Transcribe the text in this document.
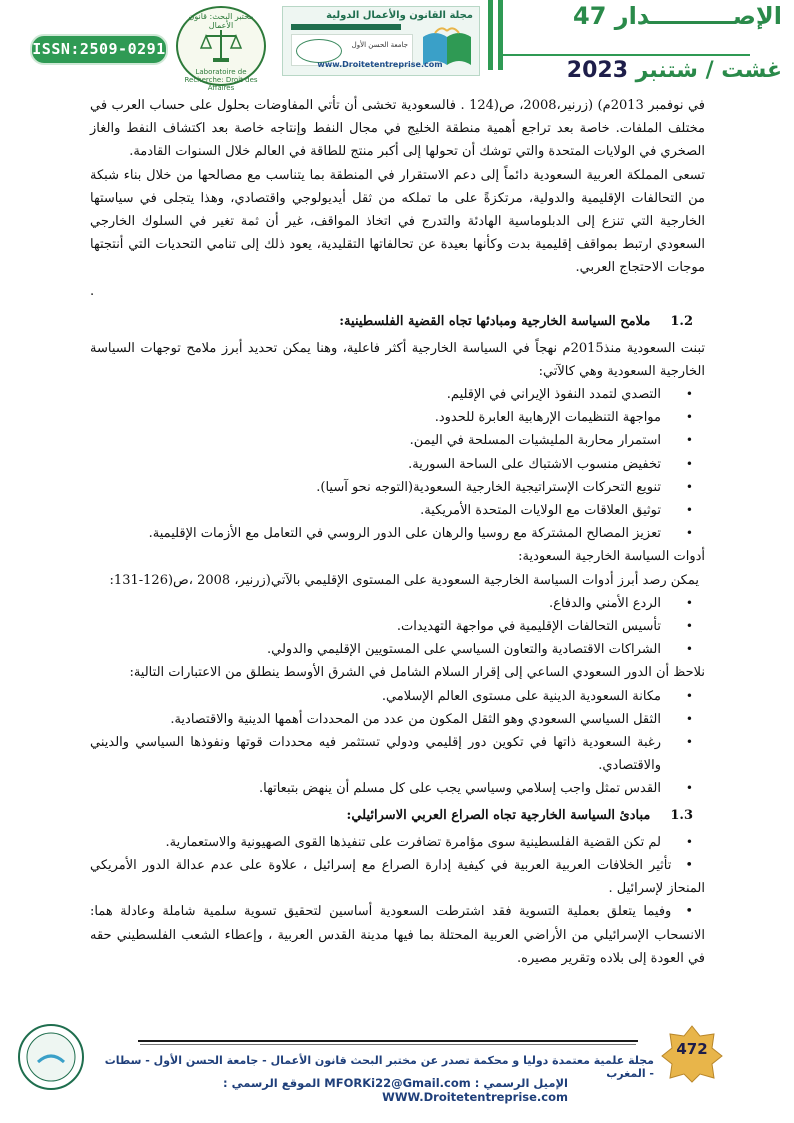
ISSN:2509-0291
مختبر البحث: قانون الأعمال
Laboratoire de Recherche: Droit des Affaires
مجلة القانون والأعمال الدولية
جامعة الحسن الأول
www.Droitetentreprise.com
الإصــــــــــدار 47
غشت / شتنبر 2023

في نوفمبر 2013م) (زرنير،2008، ص(124 . فالسعودية تخشى أن تأتي المفاوضات بحلول على حساب العرب في مختلف الملفات. خاصة بعد تراجع أهمية منطقة الخليج في مجال النفط وإنتاجه خاصة بعد اكتشاف النفط والغاز الصخري في الولايات المتحدة والتي توشك أن تحولها إلى أكبر منتج للطاقة في العالم خلال السنوات القادمة.

تسعى المملكة العربية السعودية دائماً إلى دعم الاستقرار في المنطقة بما يتناسب مع مصالحها من خلال بناء شبكة من التحالفات الإقليمية والدولية، مرتكزةً على ما تملكه من ثقل أيديولوجي واقتصادي، وهذا يتجلى في سياستها الخارجية التي تنزع إلى الدبلوماسية الهادئة والتدرج في اتخاذ المواقف، غير أن ثمة تغير في السلوك الخارجي السعودي ارتبط بمواقف إقليمية بدت وكأنها بعيدة عن تحالفاتها التقليدية، يعود ذلك إلى تنامي التحديات التي أنتجتها موجات الاحتجاج العربي.

.

1.2ملامح السياسة الخارجية ومبادئها تجاه القضية الفلسطينية:

تبنت السعودية منذ2015م نهجاً في السياسة الخارجية أكثر فاعلية، وهنا يمكن تحديد أبرز ملامح توجهات السياسة الخارجية السعودية وهي كالآتي:

•
التصدي لتمدد النفوذ الإيراني في الإقليم.
•
مواجهة التنظيمات الإرهابية العابرة للحدود.
•
استمرار محاربة المليشيات المسلحة في اليمن.
•
تخفيض منسوب الاشتباك على الساحة السورية.
•
تنويع التحركات الإستراتيجية الخارجية السعودية(التوجه نحو آسيا).
•
توثيق العلاقات مع الولايات المتحدة الأمريكية.
•
تعزيز المصالح المشتركة مع روسيا والرهان على الدور الروسي في التعامل مع الأزمات الإقليمية.

أدوات السياسة الخارجية السعودية:

يمكن رصد أبرز أدوات السياسة الخارجية السعودية على المستوى الإقليمي بالآتي(زرنير، 2008 ،ص(126-131:

•
الردع الأمني والدفاع.
•
تأسيس التحالفات الإقليمية في مواجهة التهديدات.
•
الشراكات الاقتصادية والتعاون السياسي على المستويين الإقليمي والدولي.

نلاحظ أن الدور السعودي الساعي إلى إقرار السلام الشامل في الشرق الأوسط ينطلق من الاعتبارات التالية:

•
مكانة السعودية الدينية على مستوى العالم الإسلامي.
•
الثقل السياسي السعودي وهو الثقل المكون من عدد من المحددات أهمها الدينية والاقتصادية.
•
رغبة السعودية ذاتها في تكوين دور إقليمي ودولي تستثمر فيه محددات قوتها ونفوذها السياسي والديني والاقتصادي.
•
القدس تمثل واجب إسلامي وسياسي يجب على كل مسلم أن ينهض بتبعاتها.

1.3مبادئ السياسة الخارجية تجاه الصراع العربي الاسرائيلي:

•
لم تكن القضية الفلسطينية سوى مؤامرة تضافرت على تنفيذها القوى الصهيونية والاستعمارية.

•تأثير الخلافات العربية العربية في كيفية إدارة الصراع مع إسرائيل ، علاوة على عدم عدالة الدور الأمريكي المنحاز لإسرائيل .

•وفيما يتعلق بعملية التسوية فقد اشترطت السعودية أساسين لتحقيق تسوية سلمية شاملة وعادلة هما: الانسحاب الإسرائيلي من الأراضي العربية المحتلة بما فيها مدينة القدس العربية ، وإعطاء الشعب الفلسطيني حقه في العودة إلى بلاده وتقرير مصيره.

472
مجلة علمية معتمدة دوليا و محكمة تصدر عن مختبر البحث قانون الأعمال - جامعة الحسن الأول - سطات - المغرب
الإميل الرسمي : MFORKi22@Gmail.com الموقع الرسمي : WWW.Droitetentreprise.com
